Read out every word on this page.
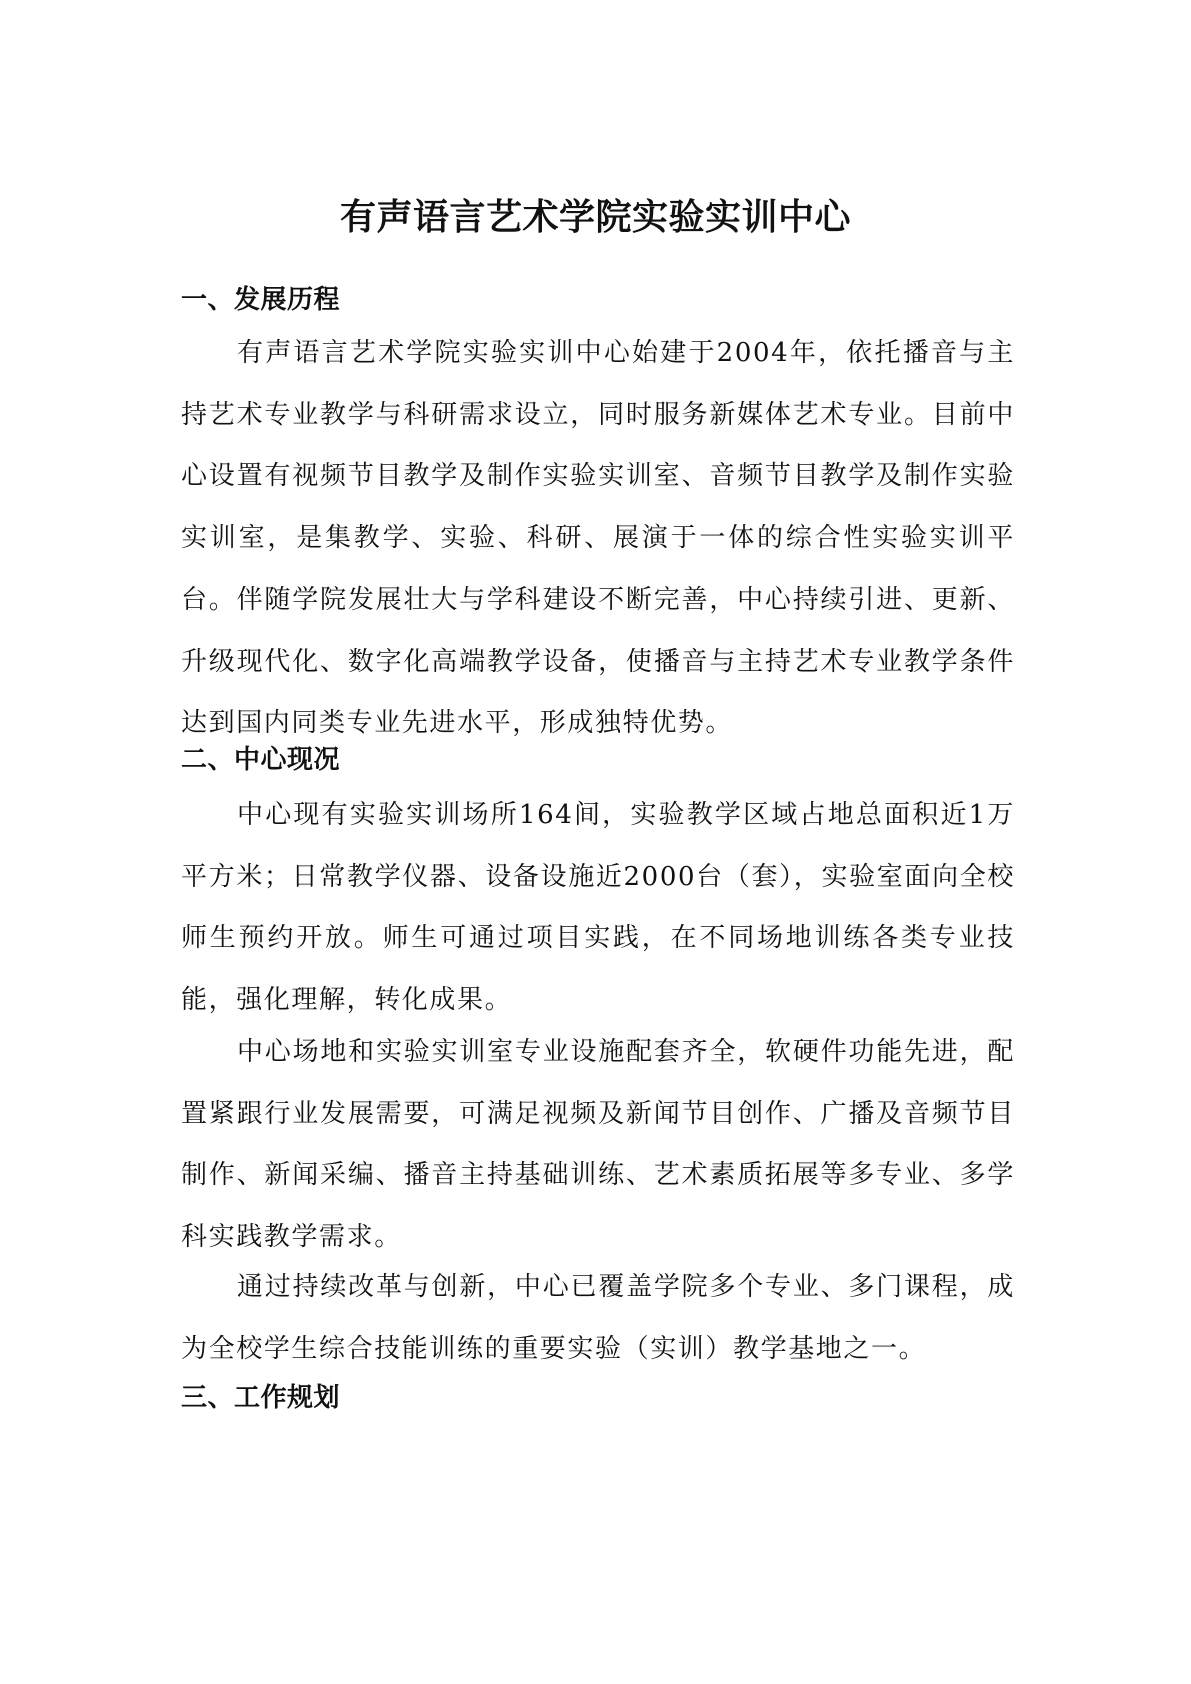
有声语言艺术学院实验实训中心
一、发展历程

有声语言艺术学院实验实训中心始建于2004年，依托播音与主持艺术专业教学与科研需求设立，同时服务新媒体艺术专业。目前中心设置有视频节目教学及制作实验实训室、音频节目教学及制作实验实训室，是集教学、实验、科研、展演于一体的综合性实验实训平台。伴随学院发展壮大与学科建设不断完善，中心持续引进、更新、升级现代化、数字化高端教学设备，使播音与主持艺术专业教学条件达到国内同类专业先进水平，形成独特优势。

二、中心现况

中心现有实验实训场所164间，实验教学区域占地总面积近1万平方米；日常教学仪器、设备设施近2000台（套），实验室面向全校师生预约开放。师生可通过项目实践，在不同场地训练各类专业技能，强化理解，转化成果。

中心场地和实验实训室专业设施配套齐全，软硬件功能先进，配置紧跟行业发展需要，可满足视频及新闻节目创作、广播及音频节目制作、新闻采编、播音主持基础训练、艺术素质拓展等多专业、多学科实践教学需求。

通过持续改革与创新，中心已覆盖学院多个专业、多门课程，成为全校学生综合技能训练的重要实验（实训）教学基地之一。

三、工作规划
